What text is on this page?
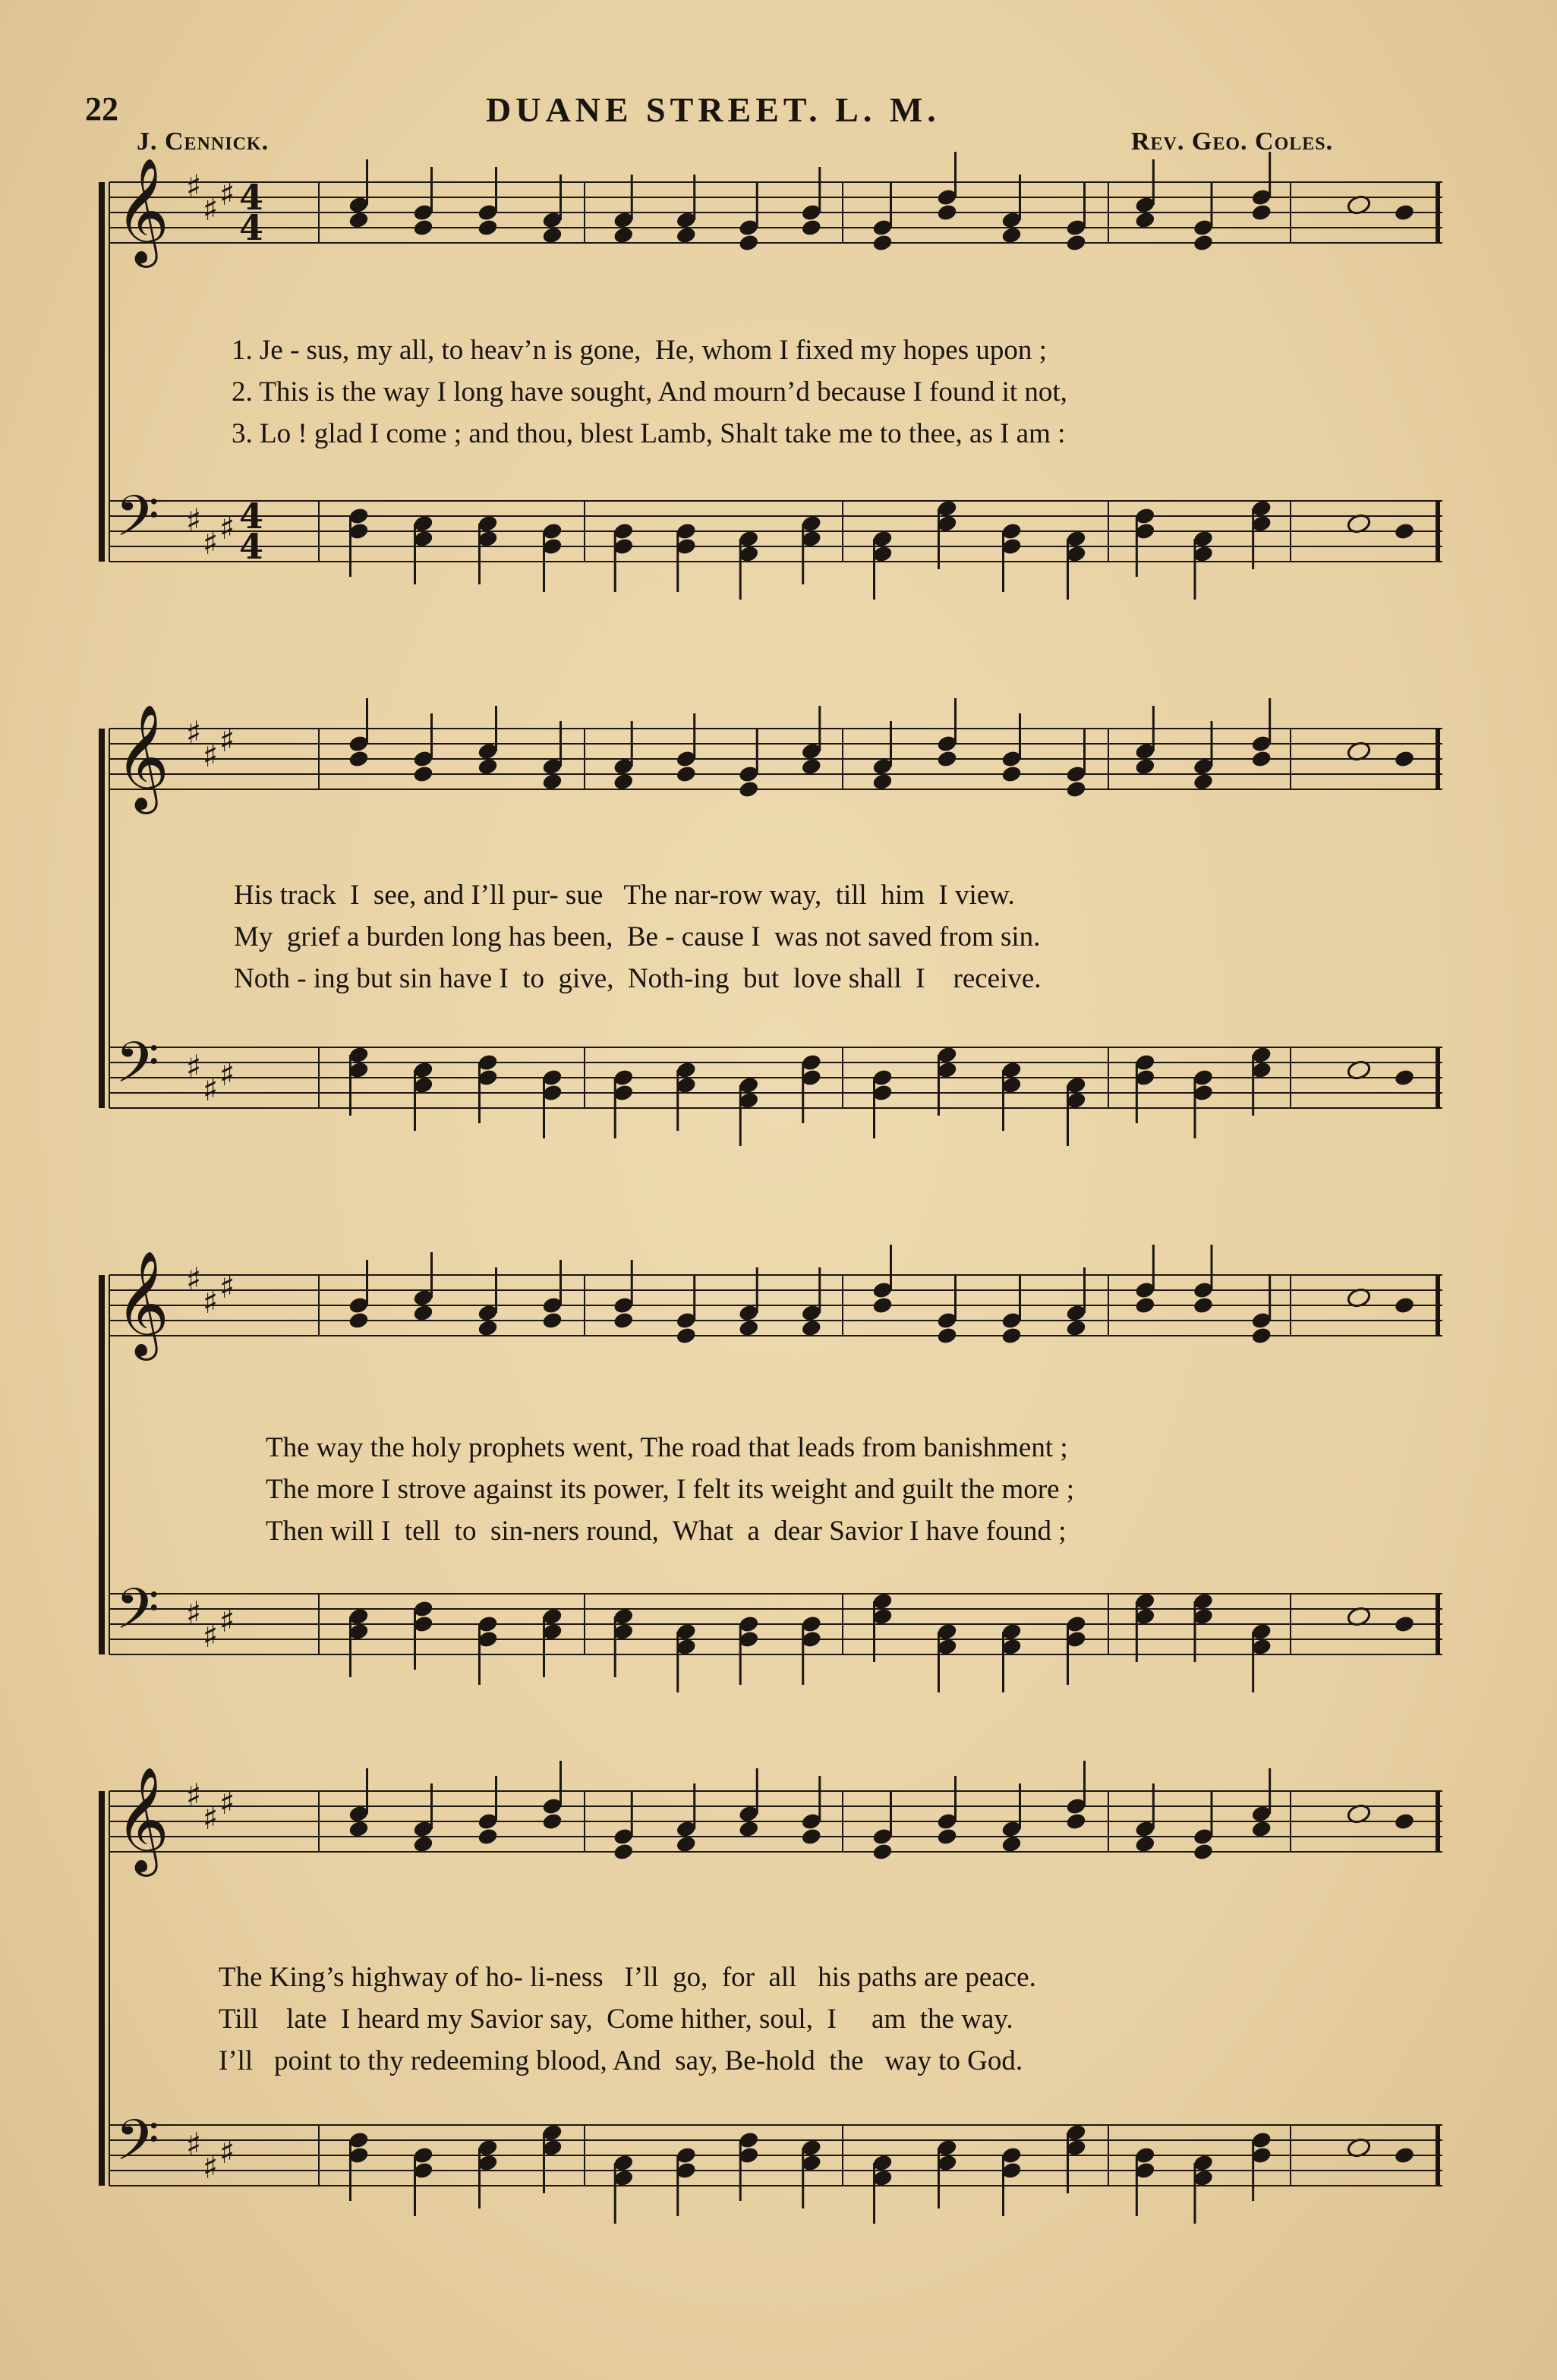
22	DUANE STREET. L. M.
J. Cennick.	Rev. Geo. Coles.
𝄞 ♯
♯ ♯ 4
4
𝄢 ♯
♯ ♯ 4
4
1. Je - sus, my all, to heav’n is gone,  He, whom I fixed my hopes upon ;
2. This is the way I long have sought, And mourn’d because I found it not,
3. Lo ! glad I come ; and thou, blest Lamb, Shalt take me to thee, as I am :
𝄞 ♯
♯ ♯
𝄢 ♯
♯ ♯
His track  I  see, and I’ll pur- sue   The nar-row way,  till  him  I view.
My  grief a burden long has been,  Be - cause I  was not saved from sin.
Noth - ing but sin have I  to  give,  Noth-ing  but  love shall  I    receive.
𝄞 ♯
♯ ♯
𝄢 ♯
♯ ♯
The way the holy prophets went, The road that leads from banishment ;
The more I strove against its power, I felt its weight and guilt the more ;
Then will I  tell  to  sin-ners round,  What  a  dear Savior I have found ;
𝄞 ♯
♯ ♯
𝄢 ♯
♯ ♯
The King’s highway of ho- li-ness   I’ll  go,  for  all   his paths are peace.
Till    late  I heard my Savior say,  Come hither, soul,  I     am  the way.
I’ll   point to thy redeeming blood, And  say, Be-hold  the   way to God.
